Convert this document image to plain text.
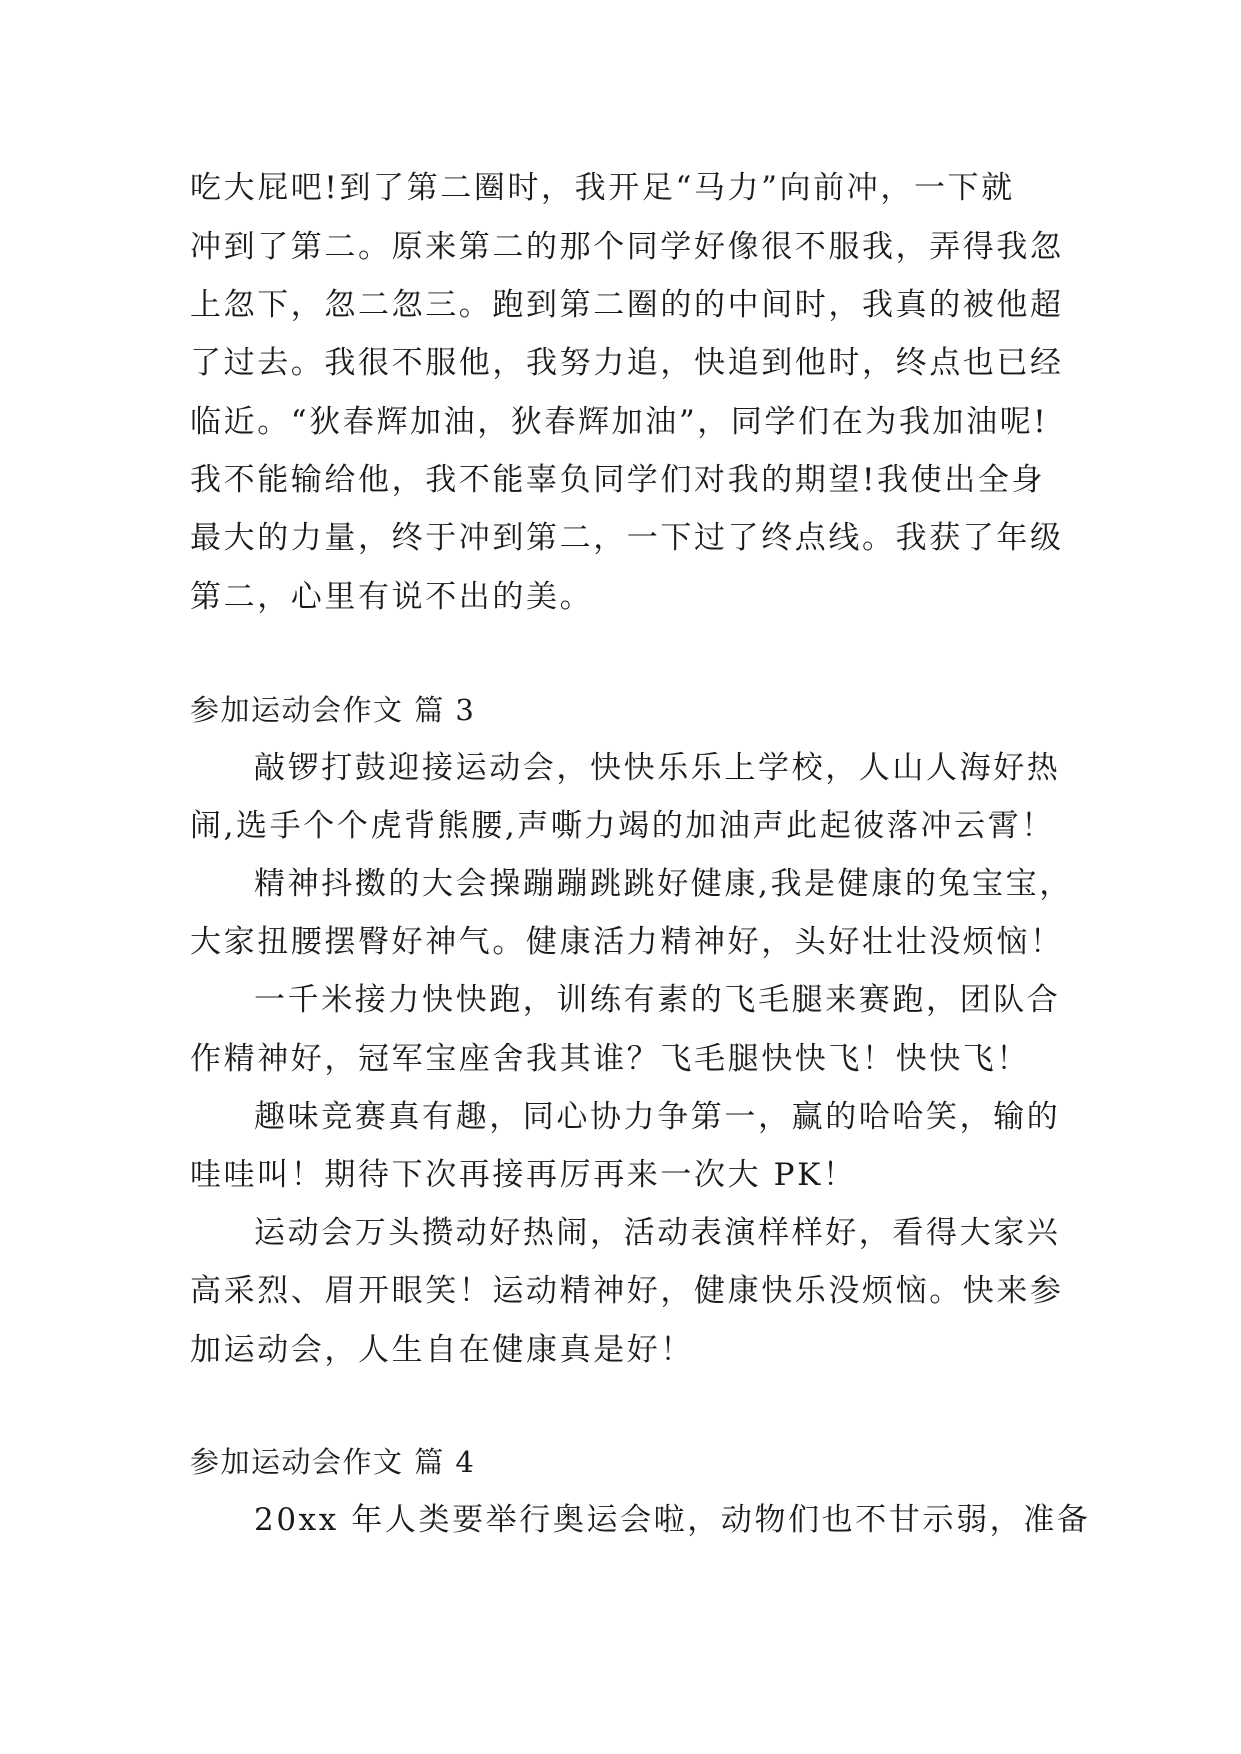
吃大屁吧!到了第二圈时，我开足“马力”向前冲，一下就
冲到了第二。原来第二的那个同学好像很不服我，弄得我忽
上忽下，忽二忽三。跑到第二圈的的中间时，我真的被他超
了过去。我很不服他，我努力追，快追到他时，终点也已经
临近。“狄春辉加油，狄春辉加油”，同学们在为我加油呢!
我不能输给他，我不能辜负同学们对我的期望!我使出全身
最大的力量，终于冲到第二，一下过了终点线。我获了年级
第二，心里有说不出的美。
参加运动会作文 篇 3
敲锣打鼓迎接运动会，快快乐乐上学校，人山人海好热
闹,选手个个虎背熊腰,声嘶力竭的加油声此起彼落冲云霄！
精神抖擞的大会操蹦蹦跳跳好健康,我是健康的兔宝宝，
大家扭腰摆臀好神气。健康活力精神好，头好壮壮没烦恼！
一千米接力快快跑，训练有素的飞毛腿来赛跑，团队合
作精神好，冠军宝座舍我其谁？飞毛腿快快飞！快快飞！
趣味竞赛真有趣，同心协力争第一，赢的哈哈笑，输的
哇哇叫！期待下次再接再厉再来一次大 PK！
运动会万头攒动好热闹，活动表演样样好，看得大家兴
高采烈、眉开眼笑！运动精神好，健康快乐没烦恼。快来参
加运动会，人生自在健康真是好！
参加运动会作文 篇 4
20xx 年人类要举行奥运会啦，动物们也不甘示弱，准备
